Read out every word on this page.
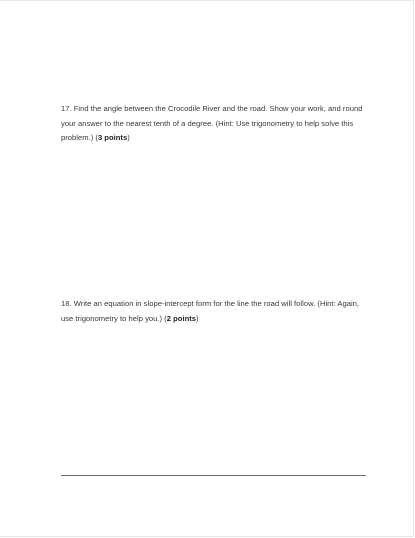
17. Find the angle between the Crocodile River and the road. Show your work, and round your answer to the nearest tenth of a degree. (Hint: Use trigonometry to help solve this problem.) (3 points)
18. Write an equation in slope-intercept form for the line the road will follow. (Hint: Again, use trigonometry to help you.) (2 points)
